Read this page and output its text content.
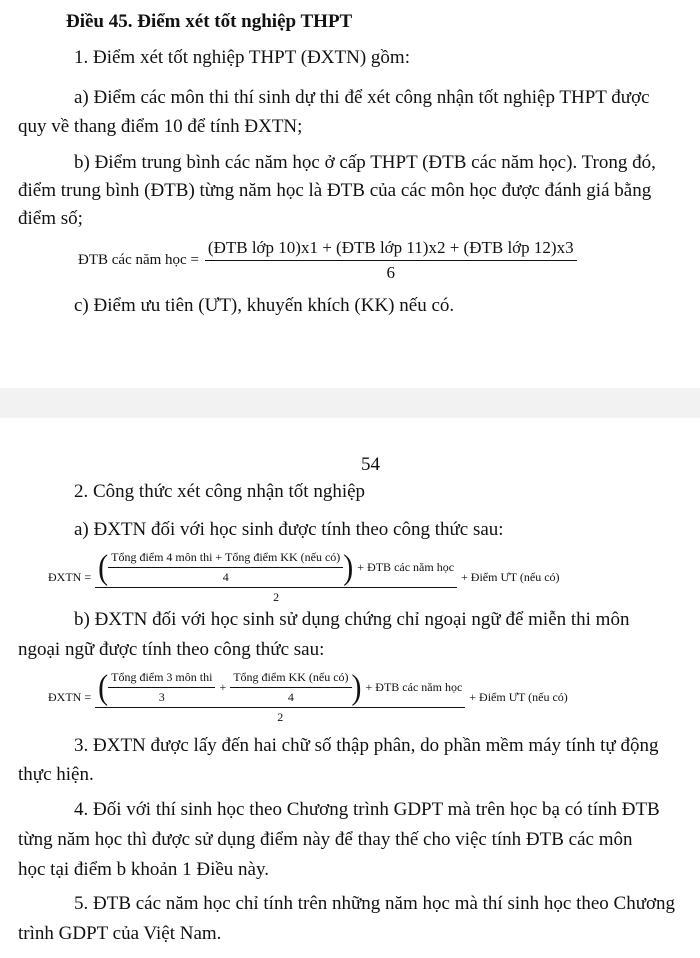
Điều 45. Điểm xét tốt nghiệp THPT
1. Điểm xét tốt nghiệp THPT (ĐXTN) gồm:
a) Điểm các môn thi thí sinh dự thi để xét công nhận tốt nghiệp THPT được
quy về thang điểm 10 để tính ĐXTN;
b) Điểm trung bình các năm học ở cấp THPT (ĐTB các năm học). Trong đó,
điểm trung bình (ĐTB) từng năm học là ĐTB của các môn học được đánh giá bằng
điểm số;
ĐTB các năm học = $\frac{\text{(ĐTB lớp 10)x1 + (ĐTB lớp 11)x2 + (ĐTB lớp 12)x3}}{6}$
c) Điểm ưu tiên (ƯT), khuyến khích (KK) nếu có.
54
2. Công thức xét công nhận tốt nghiệp
a) ĐXTN đối với học sinh được tính theo công thức sau:
ĐXTN = ( $\frac{\text{Tổng điểm 4 môn thi + Tổng điểm KK (nếu có)}}{4}$ ) + ĐTB các năm học
2
+ Điểm ƯT (nếu có)
b) ĐXTN đối với học sinh sử dụng chứng chỉ ngoại ngữ để miễn thi môn
ngoại ngữ được tính theo công thức sau:
ĐXTN = ( $\frac{\text{Tổng điểm 3 môn thi}}{3} + \frac{\text{Tổng điểm KK (nếu có)}}{4}$ ) + ĐTB các năm học
2
+ Điểm ƯT (nếu có)
3. ĐXTN được lấy đến hai chữ số thập phân, do phần mềm máy tính tự động
thực hiện.
4. Đối với thí sinh học theo Chương trình GDPT mà trên học bạ có tính ĐTB
từng năm học thì được sử dụng điểm này để thay thế cho việc tính ĐTB các môn
học tại điểm b khoản 1 Điều này.
5. ĐTB các năm học chỉ tính trên những năm học mà thí sinh học theo Chương
trình GDPT của Việt Nam.
